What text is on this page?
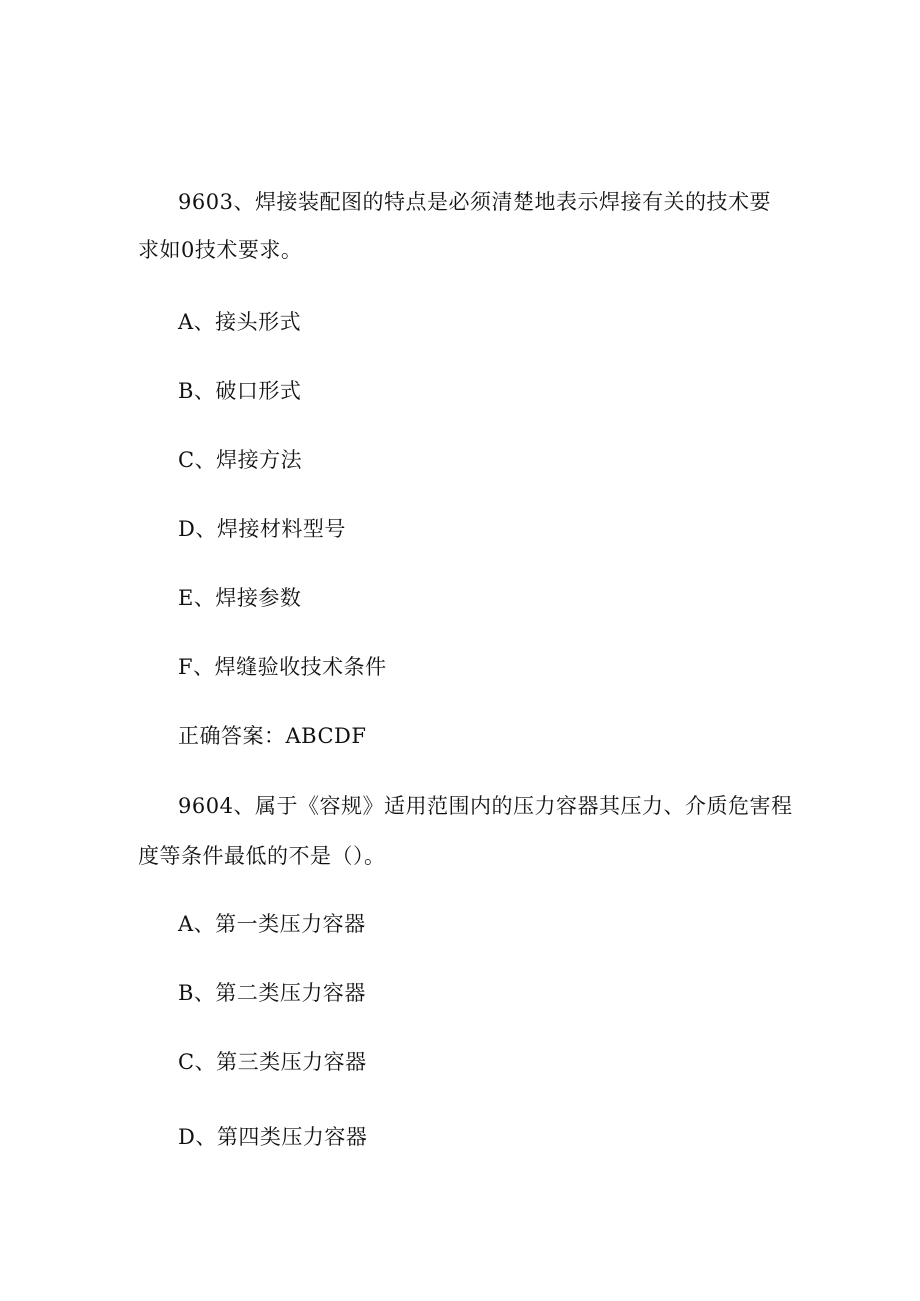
9603、焊接装配图的特点是必须清楚地表示焊接有关的技术要
求如0技术要求。
A、接头形式
B、破口形式
C、焊接方法
D、焊接材料型号
E、焊接参数
F、焊缝验收技术条件
正确答案：ABCDF
9604、属于《容规》适用范围内的压力容器其压力、介质危害程
度等条件最低的不是（）。
A、第一类压力容器
B、第二类压力容器
C、第三类压力容器
D、第四类压力容器
